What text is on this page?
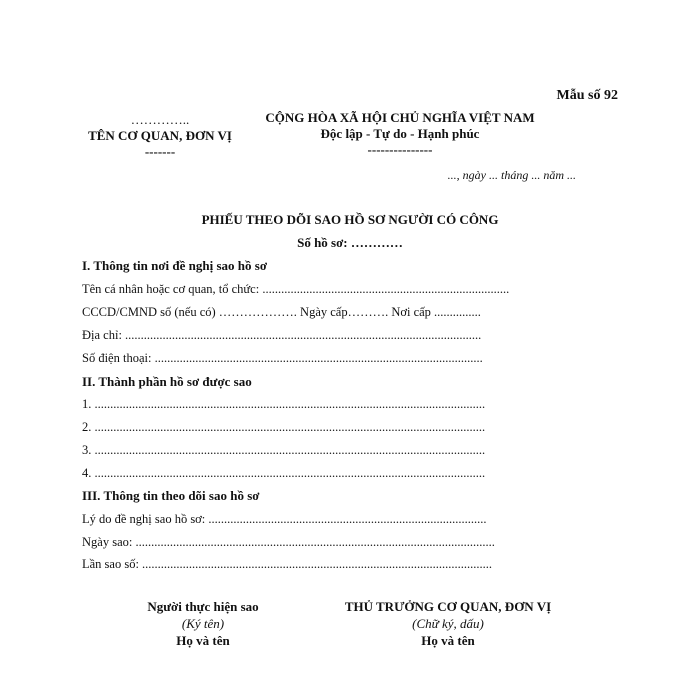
Mẫu số 92
…………..
TÊN CƠ QUAN, ĐƠN VỊ
-------
CỘNG HÒA XÃ HỘI CHỦ NGHĨA VIỆT NAM
Độc lập - Tự do - Hạnh phúc
---------------
..., ngày ... tháng ... năm ...
PHIẾU THEO DÕI SAO HỒ SƠ NGƯỜI CÓ CÔNG
Số hồ sơ: …………
I. Thông tin nơi đề nghị sao hồ sơ
Tên cá nhân hoặc cơ quan, tổ chức: ...............................................................................
CCCD/CMND số (nếu có) ………………. Ngày cấp………. Nơi cấp ...............
Địa chỉ: ..................................................................................................................
Số điện thoại: .........................................................................................................
II. Thành phần hồ sơ được sao
1. .............................................................................................................................
2. .............................................................................................................................
3. .............................................................................................................................
4. .............................................................................................................................
III. Thông tin theo dõi sao hồ sơ
Lý do đề nghị sao hồ sơ: .........................................................................................
Ngày sao: ...................................................................................................................
Lần sao số: ................................................................................................................
Người thực hiện sao
(Ký tên)
Họ và tên
THỦ TRƯỞNG CƠ QUAN, ĐƠN VỊ
(Chữ ký, dấu)
Họ và tên
